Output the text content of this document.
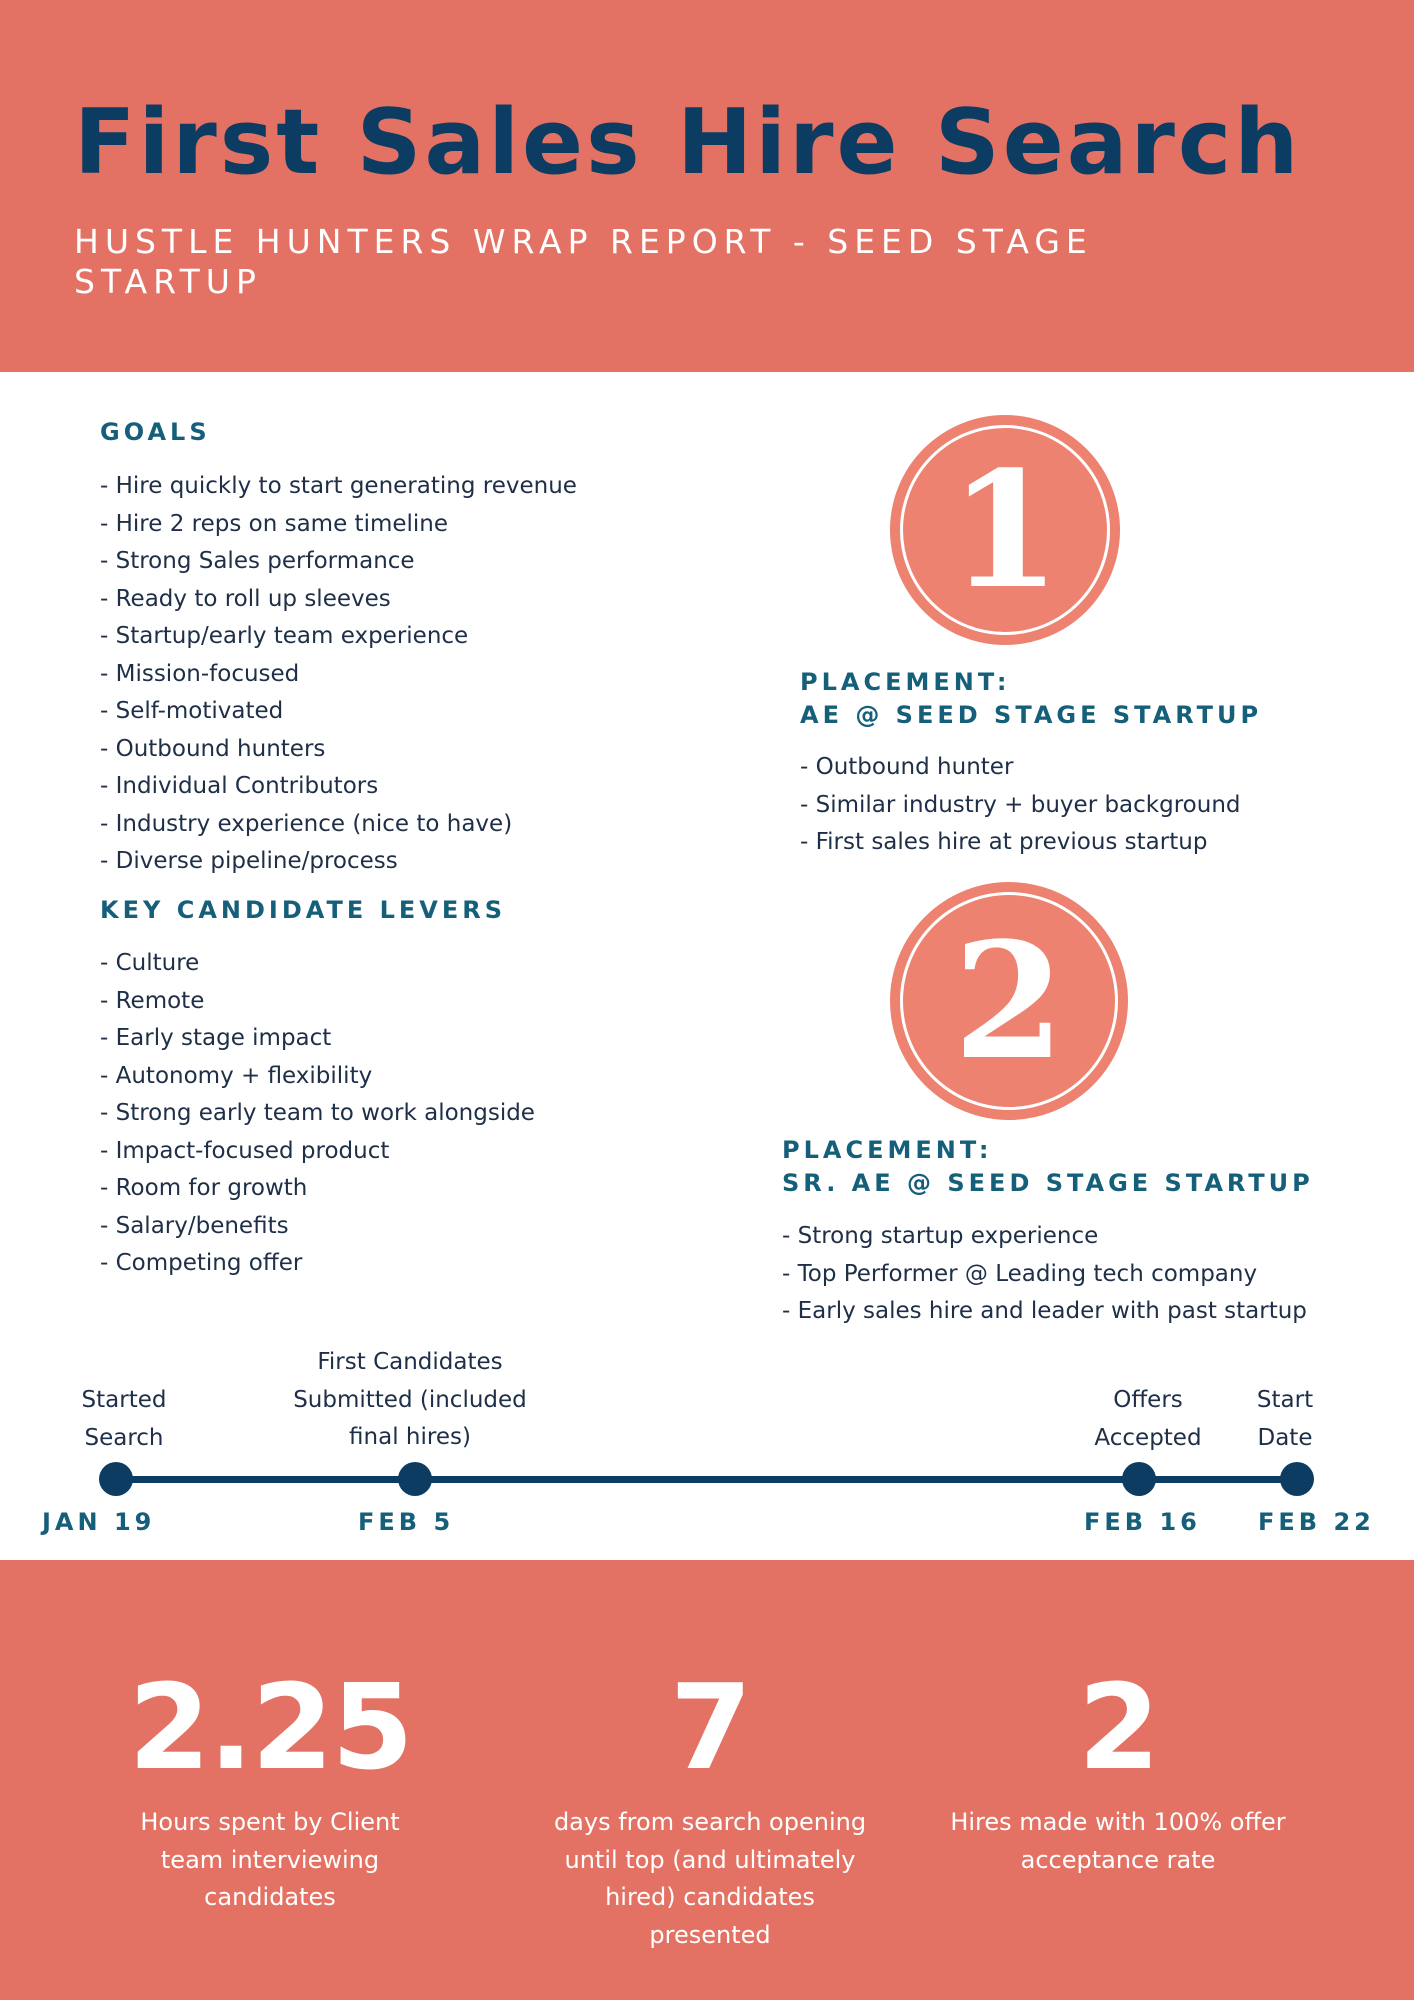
First Sales Hire Search
HUSTLE HUNTERS WRAP REPORT - SEED STAGE STARTUP
GOALS
- Hire quickly to start generating revenue
- Hire 2 reps on same timeline
- Strong Sales performance
- Ready to roll up sleeves
- Startup/early team experience
- Mission-focused
- Self-motivated
- Outbound hunters
- Individual Contributors
- Industry experience (nice to have)
- Diverse pipeline/process
KEY CANDIDATE LEVERS
- Culture
- Remote
- Early stage impact
- Autonomy + flexibility
- Strong early team to work alongside
- Impact-focused product
- Room for growth
- Salary/benefits
- Competing offer
1
PLACEMENT:
AE @ SEED STAGE STARTUP
- Outbound hunter
- Similar industry + buyer background
- First sales hire at previous startup
2
PLACEMENT:
SR. AE @ SEED STAGE STARTUP
- Strong startup experience
- Top Performer @ Leading tech company
- Early sales hire and leader with past startup
Started Search
First Candidates Submitted (included final hires)
Offers Accepted
Start Date
JAN 19	FEB 5	FEB 16 FEB 22
2.25
Hours spent by Client team interviewing candidates
7
days from search opening until top (and ultimately hired) candidates presented
2
Hires made with 100% offer acceptance rate
